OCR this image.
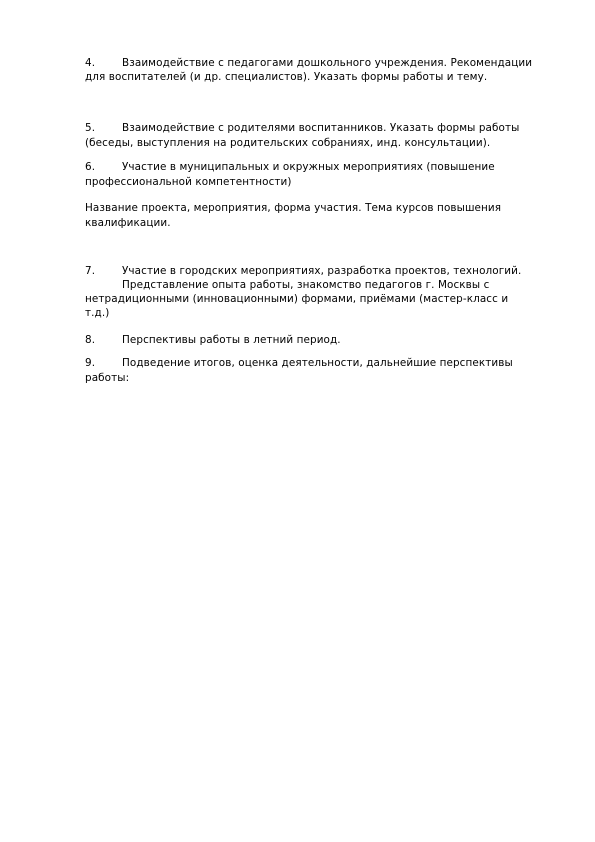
4.	Взаимодействие с педагогами дошкольного учреждения. Рекомендации
для воспитателей (и др. специалистов). Указать формы работы и тему.
5.	Взаимодействие с родителями воспитанников. Указать формы работы
(беседы, выступления на родительских собраниях, инд. консультации).
6.	Участие в муниципальных и окружных мероприятиях (повышение
профессиональной компетентности)
Название проекта, мероприятия, форма участия. Тема курсов повышения
квалификации.
7.	Участие в городских мероприятиях, разработка проектов, технологий.
Представление опыта работы, знакомство педагогов г. Москвы с
нетрадиционными (инновационными) формами, приёмами (мастер-класс и
т.д.)
8.	Перспективы работы в летний период.
9.	Подведение итогов, оценка деятельности, дальнейшие перспективы
работы:
